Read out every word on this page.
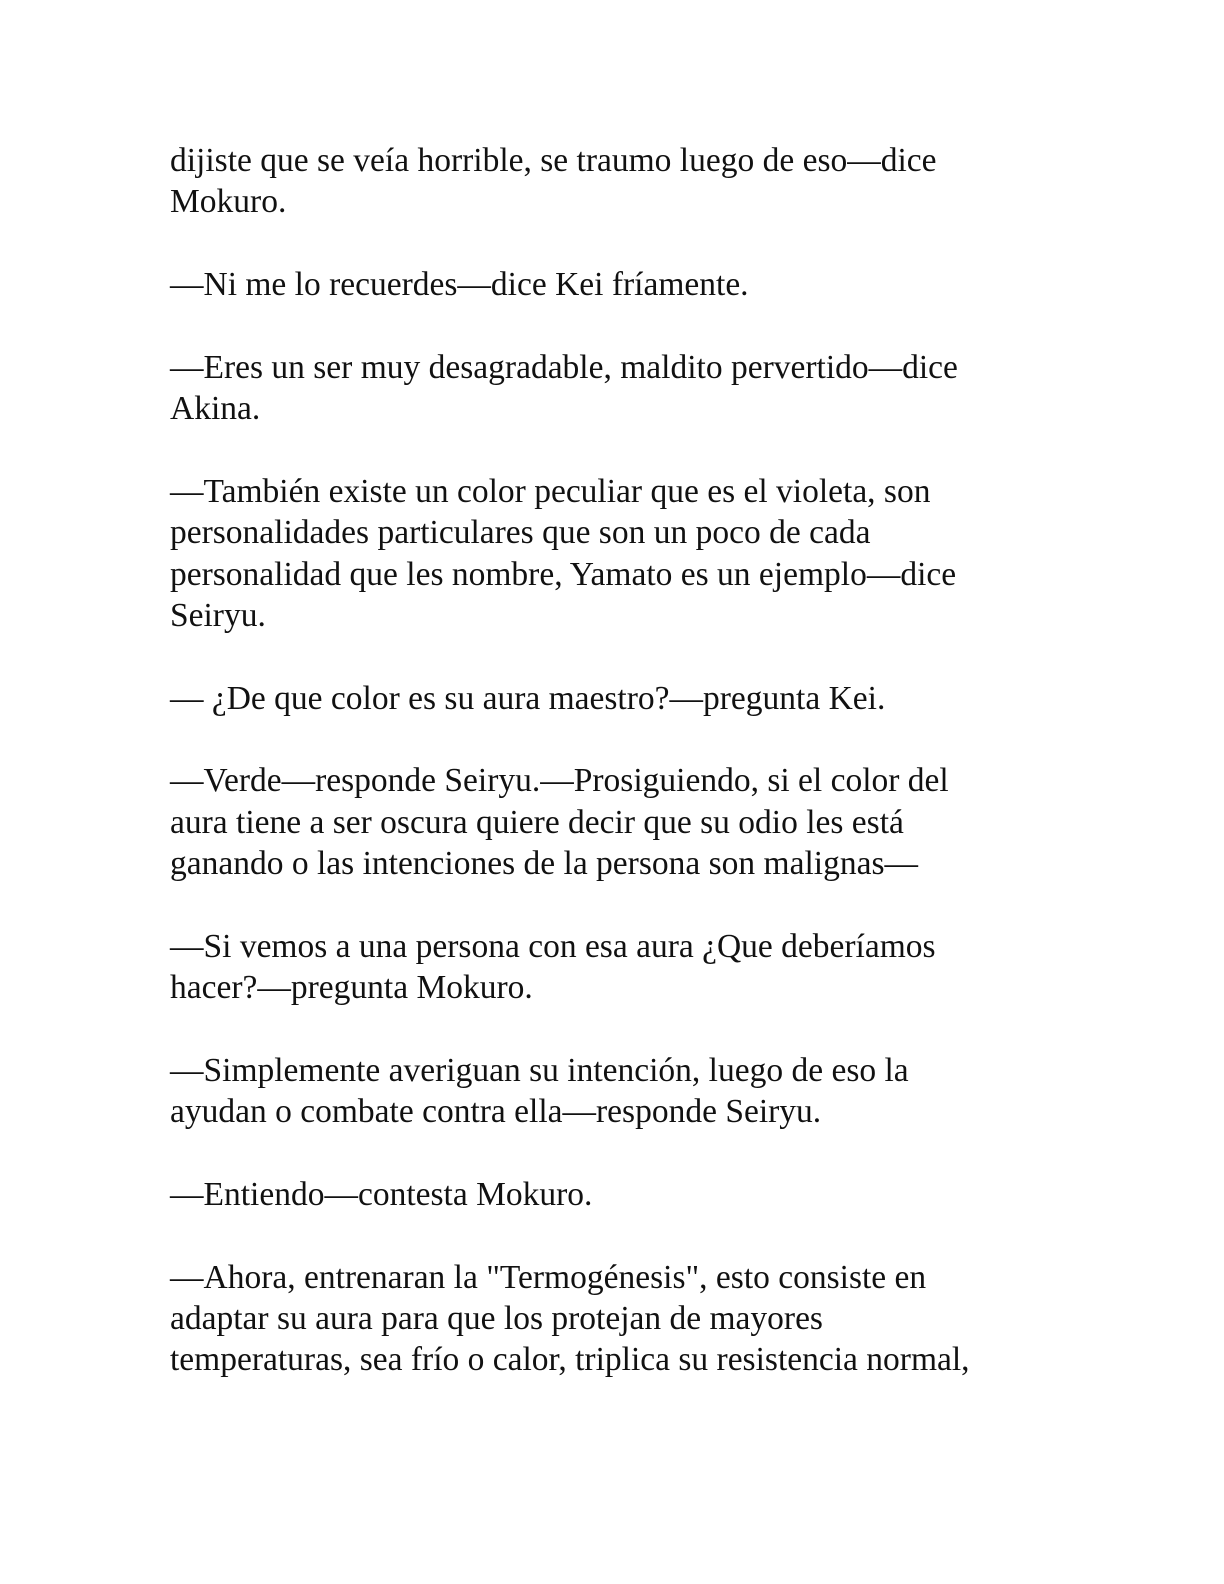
dijiste que se veía horrible, se traumo luego de eso—dice
Mokuro.

—Ni me lo recuerdes—dice Kei fríamente.

—Eres un ser muy desagradable, maldito pervertido—dice
Akina.

—También existe un color peculiar que es el violeta, son
personalidades particulares que son un poco de cada
personalidad que les nombre, Yamato es un ejemplo—dice
Seiryu.

— ¿De que color es su aura maestro?—pregunta Kei.

—Verde—responde Seiryu.—Prosiguiendo, si el color del
aura tiene a ser oscura quiere decir que su odio les está
ganando o las intenciones de la persona son malignas—

—Si vemos a una persona con esa aura ¿Que deberíamos
hacer?—pregunta Mokuro.

—Simplemente averiguan su intención, luego de eso la
ayudan o combate contra ella—responde Seiryu.

—Entiendo—contesta Mokuro.

—Ahora, entrenaran la "Termogénesis", esto consiste en
adaptar su aura para que los protejan de mayores
temperaturas, sea frío o calor, triplica su resistencia normal,
